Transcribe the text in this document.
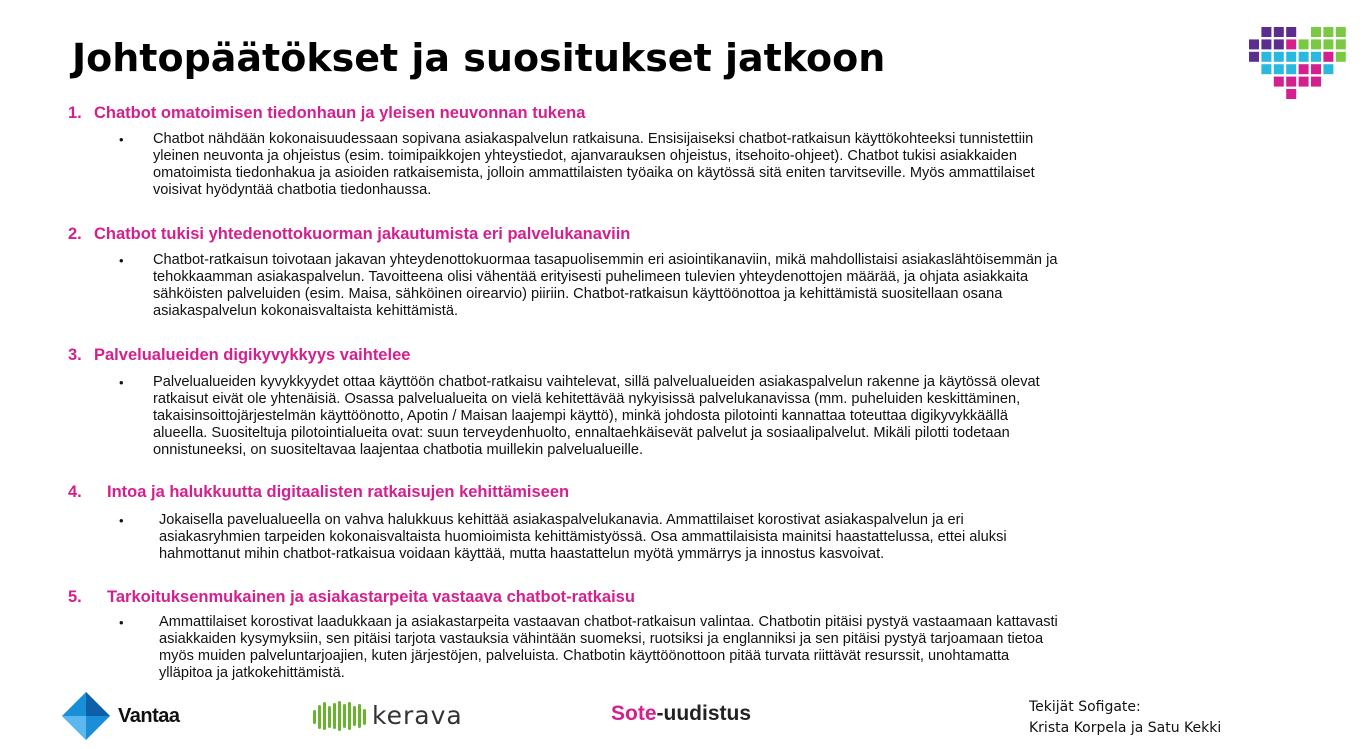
Johtopäätökset ja suositukset jatkoon
1. Chatbot omatoimisen tiedonhaun ja yleisen neuvonnan tukena
• Chatbot nähdään kokonaisuudessaan sopivana asiakaspalvelun ratkaisuna. Ensisijaiseksi chatbot-ratkaisun käyttökohteeksi tunnistettiin
yleinen neuvonta ja ohjeistus (esim. toimipaikkojen yhteystiedot, ajanvarauksen ohjeistus, itsehoito-ohjeet). Chatbot tukisi asiakkaiden
omatoimista tiedonhakua ja asioiden ratkaisemista, jolloin ammattilaisten työaika on käytössä sitä eniten tarvitseville. Myös ammattilaiset
voisivat hyödyntää chatbotia tiedonhaussa.
2. Chatbot tukisi yhtedenottokuorman jakautumista eri palvelukanaviin
• Chatbot-ratkaisun toivotaan jakavan yhteydenottokuormaa tasapuolisemmin eri asiointikanaviin, mikä mahdollistaisi asiakaslähtöisemmän ja
tehokkaamman asiakaspalvelun. Tavoitteena olisi vähentää erityisesti puhelimeen tulevien yhteydenottojen määrää, ja ohjata asiakkaita
sähköisten palveluiden (esim. Maisa, sähköinen oirearvio) piiriin. Chatbot-ratkaisun käyttöönottoa ja kehittämistä suositellaan osana
asiakaspalvelun kokonaisvaltaista kehittämistä.
3. Palvelualueiden digikyvykkyys vaihtelee
• Palvelualueiden kyvykkyydet ottaa käyttöön chatbot-ratkaisu vaihtelevat, sillä palvelualueiden asiakaspalvelun rakenne ja käytössä olevat
ratkaisut eivät ole yhtenäisiä. Osassa palvelualueita on vielä kehitettävää nykyisissä palvelukanavissa (mm. puheluiden keskittäminen,
takaisinsoittojärjestelmän käyttöönotto, Apotin / Maisan laajempi käyttö), minkä johdosta pilotointi kannattaa toteuttaa digikyvykkäällä
alueella. Suositeltuja pilotointialueita ovat: suun terveydenhuolto, ennaltaehkäisevät palvelut ja sosiaalipalvelut. Mikäli pilotti todetaan
onnistuneeksi, on suositeltavaa laajentaa chatbotia muillekin palvelualueille.
4. Intoa ja halukkuutta digitaalisten ratkaisujen kehittämiseen
• Jokaisella pavelualueella on vahva halukkuus kehittää asiakaspalvelukanavia. Ammattilaiset korostivat asiakaspalvelun ja eri
asiakasryhmien tarpeiden kokonaisvaltaista huomioimista kehittämistyössä. Osa ammattilaisista mainitsi haastattelussa, ettei aluksi
hahmottanut mihin chatbot-ratkaisua voidaan käyttää, mutta haastattelun myötä ymmärrys ja innostus kasvoivat.
5. Tarkoituksenmukainen ja asiakastarpeita vastaava chatbot-ratkaisu
• Ammattilaiset korostivat laadukkaan ja asiakastarpeita vastaavan chatbot-ratkaisun valintaa. Chatbotin pitäisi pystyä vastaamaan kattavasti
asiakkaiden kysymyksiin, sen pitäisi tarjota vastauksia vähintään suomeksi, ruotsiksi ja englanniksi ja sen pitäisi pystyä tarjoamaan tietoa
myös muiden palveluntarjoajien, kuten järjestöjen, palveluista. Chatbotin käyttöönottoon pitää turvata riittävät resurssit, unohtamatta
ylläpitoa ja jatkokehittämistä.
Vantaa	kerava	Sote-uudistus	Tekijät Sofigate:
Krista Korpela ja Satu Kekki
